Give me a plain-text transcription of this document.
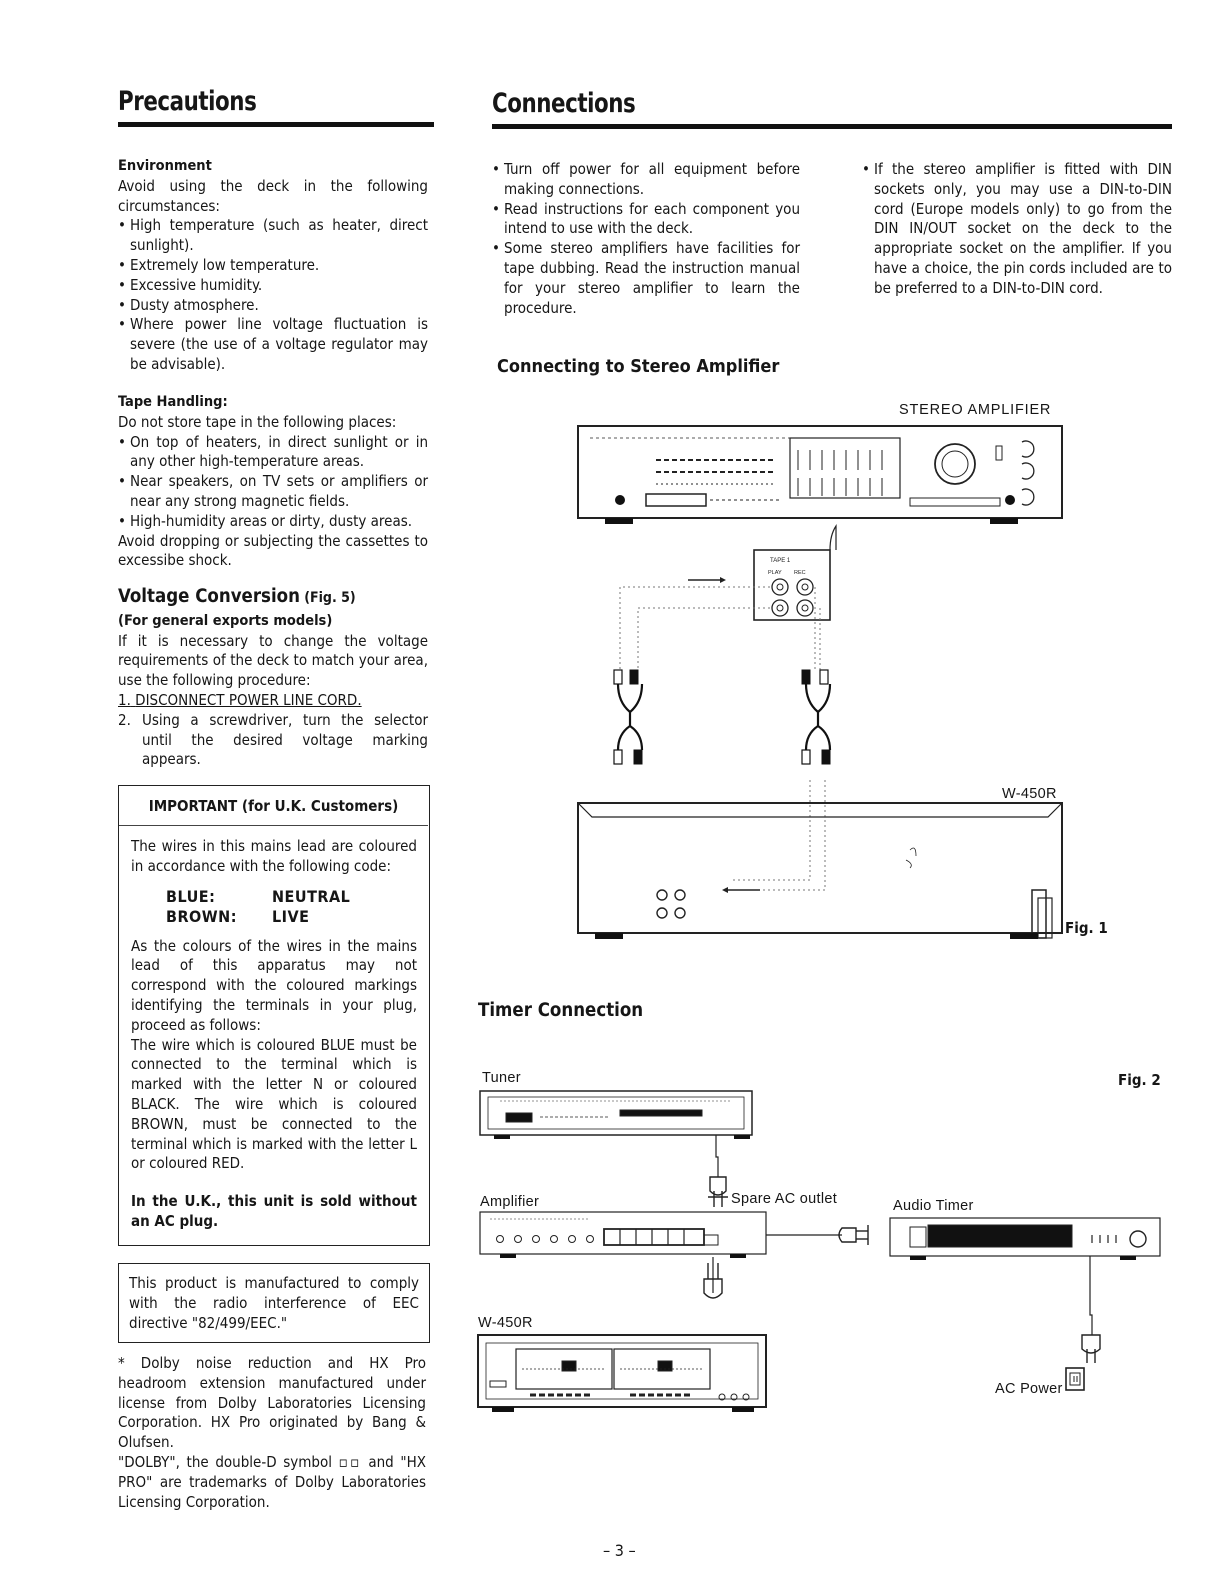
Precautions	Connections
Environment

Avoid using the deck in the following circumstances:

• High temperature (such as heater, direct sunlight).
• Extremely low temperature.
• Excessive humidity.
• Dusty atmosphere.
• Where power line voltage fluctuation is severe (the use of a voltage regulator may be advisable).
Tape Handling:

Do not store tape in the following places:

• On top of heaters, in direct sunlight or in any other high-temperature areas.
• Near speakers, on TV sets or amplifiers or near any strong magnetic fields.
• High-humidity areas or dirty, dusty areas.

Avoid dropping or subjecting the cassettes to excessibe shock.

Voltage Conversion (Fig. 5)
(For general exports models)

If it is necessary to change the voltage requirements of the deck to match your area, use the following procedure:

1. DISCONNECT POWER LINE CORD.
2. Using a screwdriver, turn the selector until the desired voltage marking appears.
IMPORTANT (for U.K. Customers)

The wires in this mains lead are coloured in accordance with the following code:

BLUE:	NEUTRAL
BROWN:	LIVE

As the colours of the wires in the mains lead of this apparatus may not correspond with the coloured markings identifying the terminals in your plug, proceed as follows:

The wire which is coloured BLUE must be connected to the terminal which is marked with the letter N or coloured BLACK. The wire which is coloured BROWN, must be connected to the terminal which is marked with the letter L or coloured RED.

In the U.K., this unit is sold without an AC plug.

This product is manufactured to comply with the radio interference of EEC directive "82/499/EEC."

* Dolby noise reduction and HX Pro headroom extension manufactured under license from Dolby Laboratories Licensing Corporation. HX Pro originated by Bang & Olufsen.

"DOLBY", the double-D symbol ▫▫ and "HX PRO" are trademarks of Dolby Laboratories Licensing Corporation.

• Turn off power for all equipment before making connections.
• Read instructions for each component you intend to use with the deck.
• Some stereo amplifiers have facilities for tape dubbing. Read the instruction manual for your stereo amplifier to learn the procedure.
• If the stereo amplifier is fitted with DIN sockets only, you may use a DIN-to-DIN cord (Europe models only) to go from the DIN IN/OUT socket on the deck to the appropriate socket on the amplifier. If you have a choice, the pin cords included are to be preferred to a DIN-to-DIN cord.
Connecting to Stereo Amplifier
Timer Connection
STEREO AMPLIFIER
W-450R
Fig. 1
TAPE 1
PLAY REC
Tuner
Amplifier	Spare AC outlet	Audio Timer
W-450R
AC Power
Fig. 2
– 3 –
